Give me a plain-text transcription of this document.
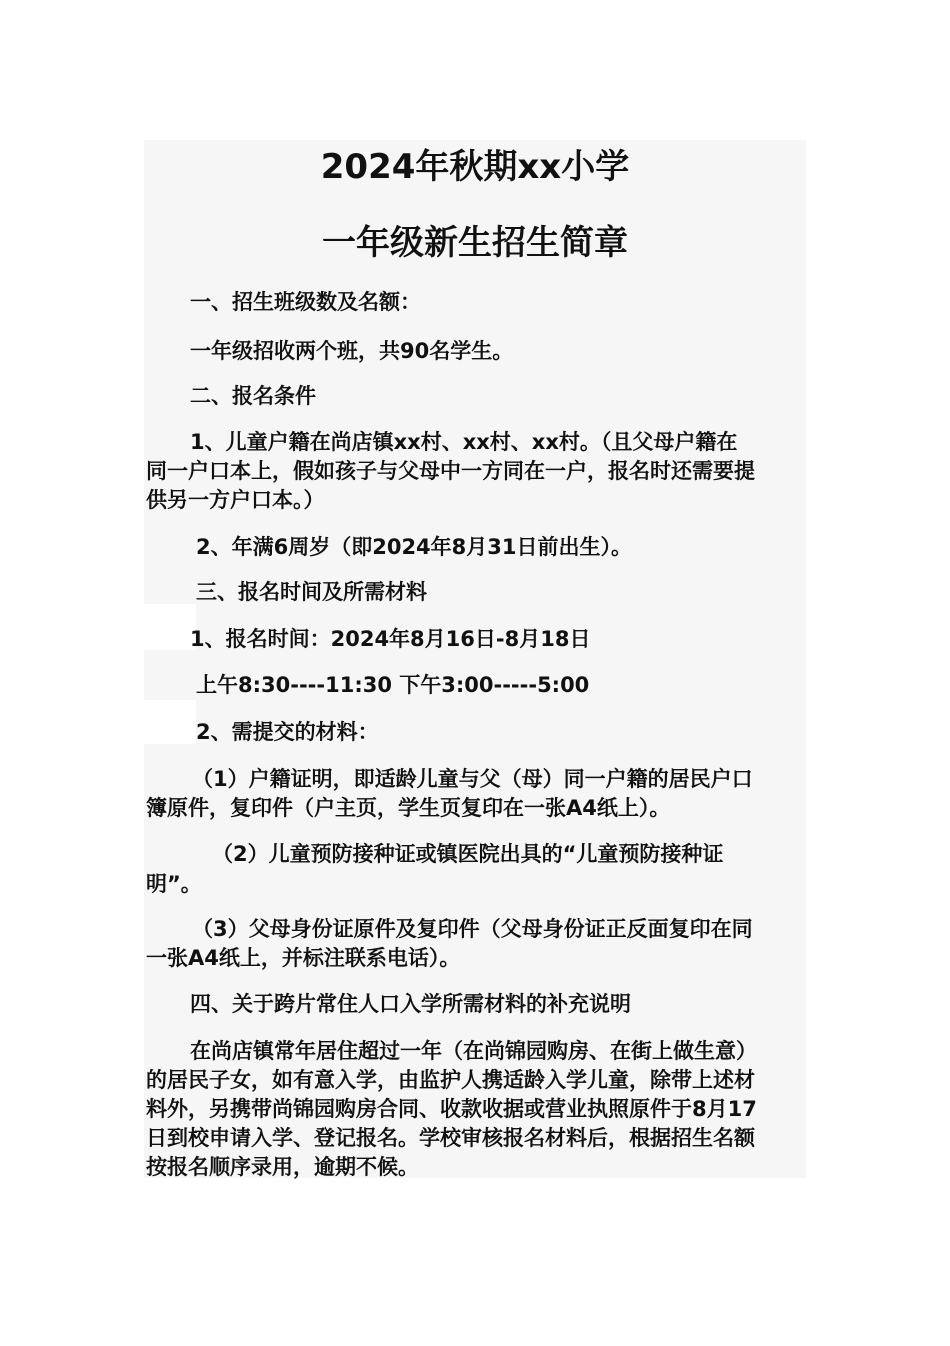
2024年秋期xx小学
一年级新生招生简章
一、招生班级数及名额：
一年级招收两个班，共90名学生。
二、报名条件
1、儿童户籍在尚店镇xx村、xx村、xx村。（且父母户籍在
同一户口本上，假如孩子与父母中一方同在一户，报名时还需要提
供另一方户口本。）
2、年满6周岁（即2024年8月31日前出生）。
三、报名时间及所需材料
1、报名时间：2024年8月16日-8月18日
上午8:30----11:30 下午3:00-----5:00
2、需提交的材料：
（1）户籍证明，即适龄儿童与父（母）同一户籍的居民户口
簿原件，复印件（户主页，学生页复印在一张A4纸上）。
（2）儿童预防接种证或镇医院出具的“儿童预防接种证
明”。
（3）父母身份证原件及复印件（父母身份证正反面复印在同
一张A4纸上，并标注联系电话）。
四、关于跨片常住人口入学所需材料的补充说明
在尚店镇常年居住超过一年（在尚锦园购房、在街上做生意）
的居民子女，如有意入学，由监护人携适龄入学儿童，除带上述材
料外，另携带尚锦园购房合同、收款收据或营业执照原件于8月17
日到校申请入学、登记报名。学校审核报名材料后，根据招生名额
按报名顺序录用，逾期不候。
